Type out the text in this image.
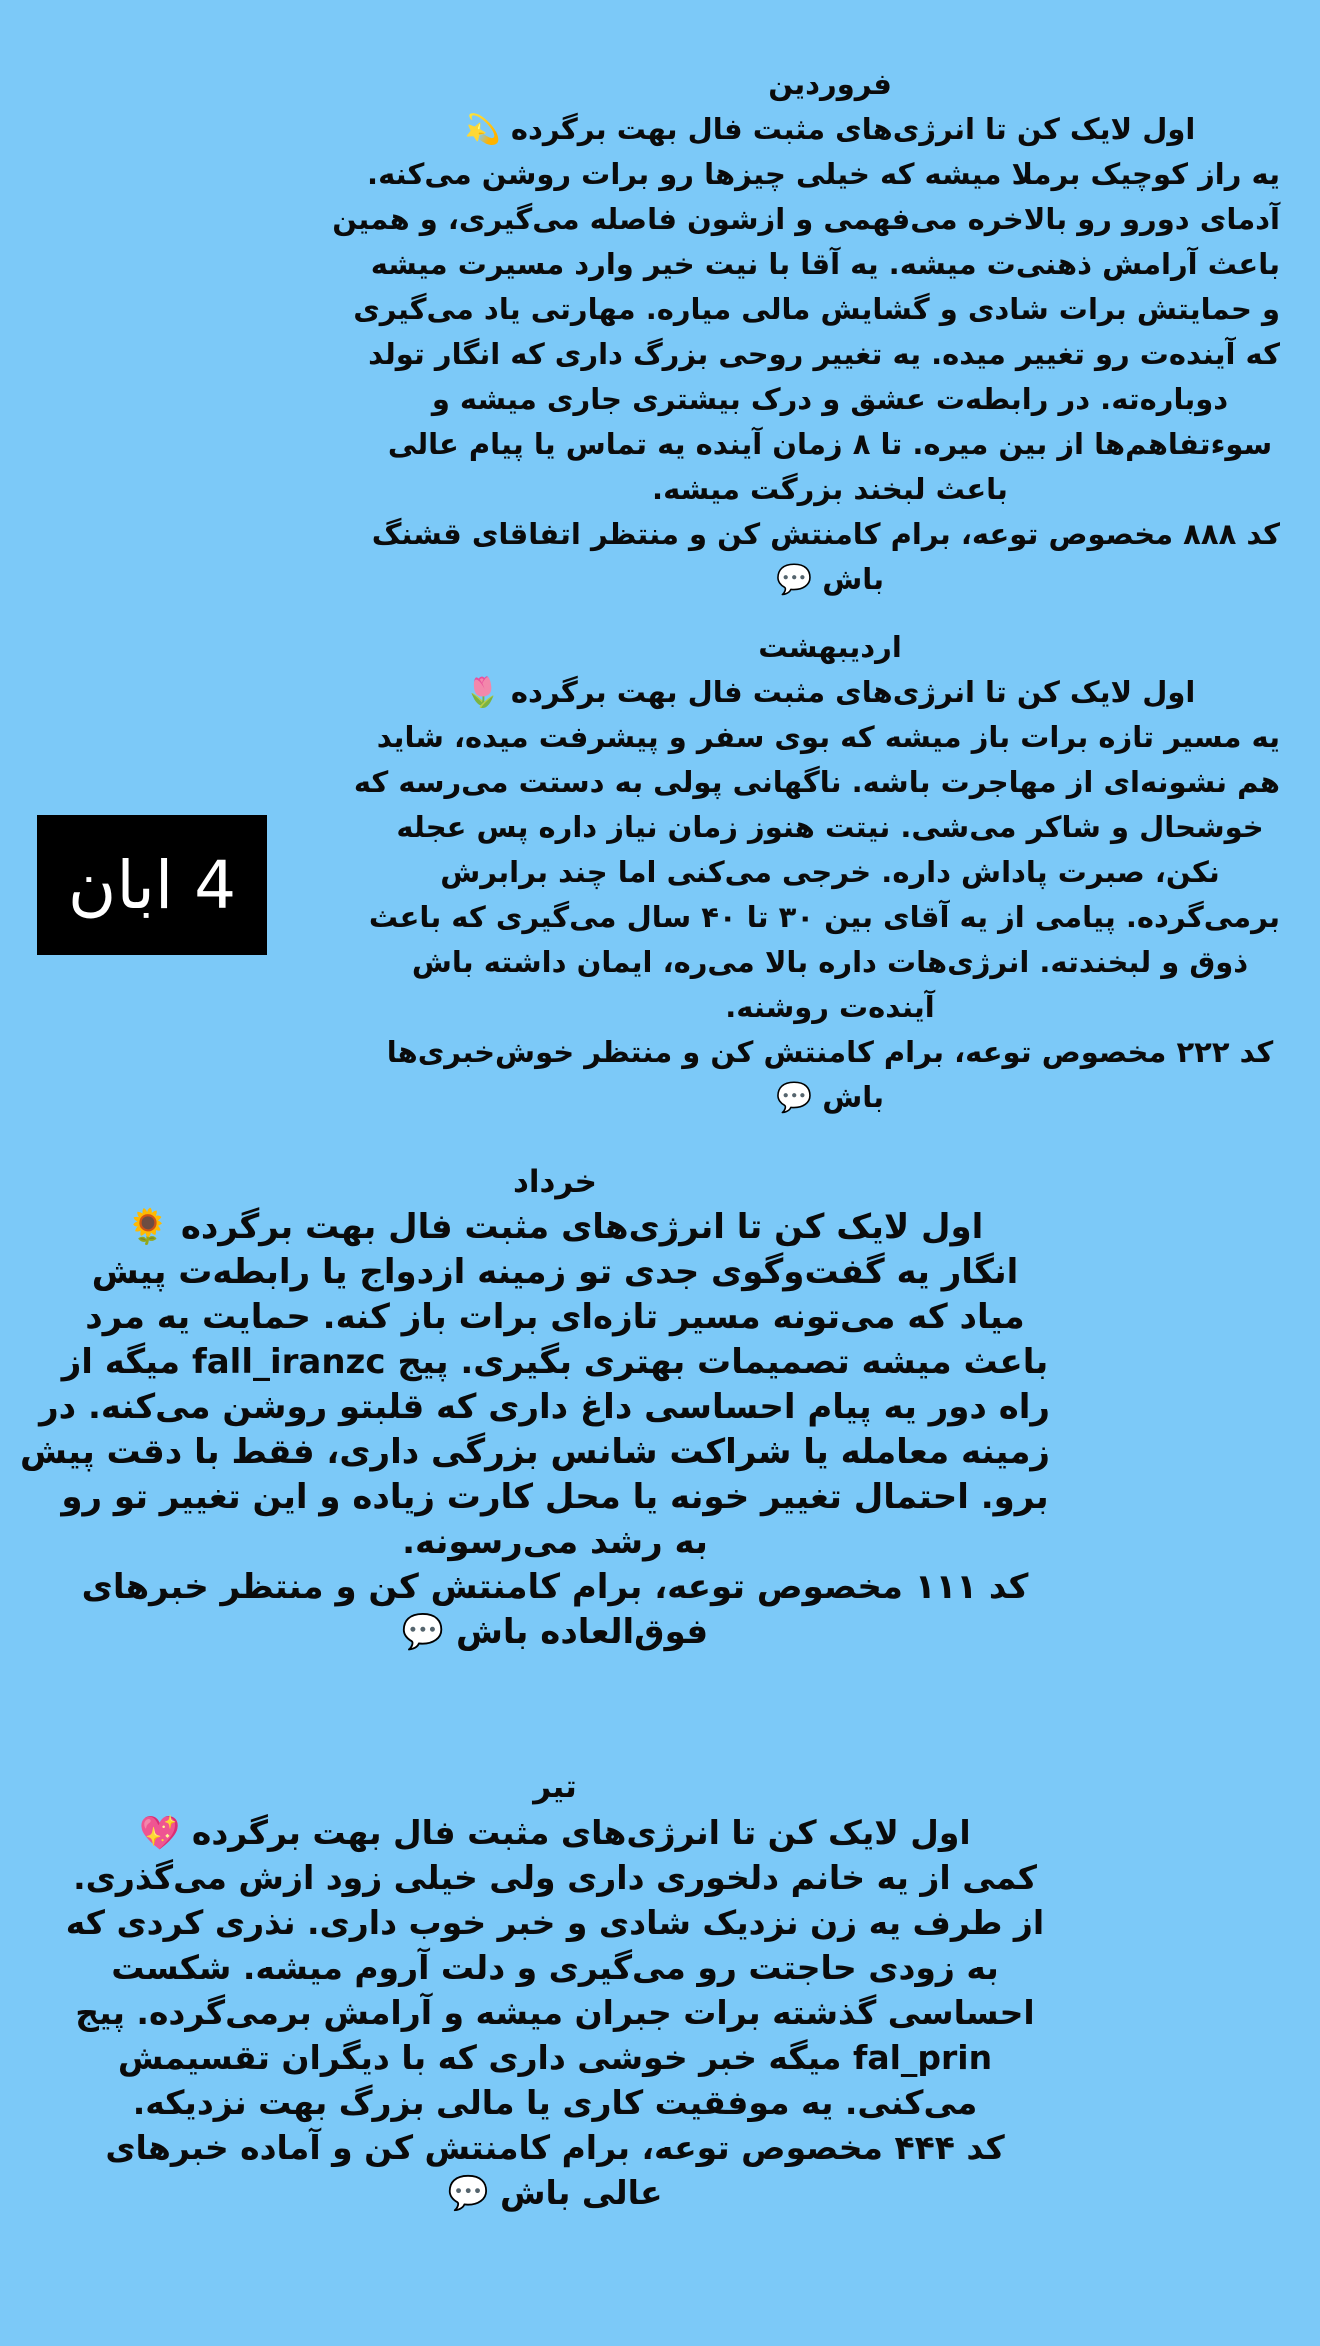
4 ابان
فروردین
اول لایک کن تا انرژی‌های مثبت فال بهت برگرده 💫
یه راز کوچیک برملا میشه که خیلی چیزها رو برات روشن می‌کنه.
آدمای دورو رو بالاخره می‌فهمی و ازشون فاصله می‌گیری، و همین
باعث آرامش ذهنی‌ت میشه. یه آقا با نیت خیر وارد مسیرت میشه
و حمایتش برات شادی و گشایش مالی میاره. مهارتی یاد می‌گیری
که آینده‌ت رو تغییر میده. یه تغییر روحی بزرگ داری که انگار تولد
دوباره‌ته. در رابطه‌ت عشق و درک بیشتری جاری میشه و
سوءتفاهم‌ها از بین میره. تا ۸ زمان آینده یه تماس یا پیام عالی
باعث لبخند بزرگت میشه.
کد ۸۸۸ مخصوص توعه، برام کامنتش کن و منتظر اتفاقای قشنگ
باش 💬
اردیبهشت
اول لایک کن تا انرژی‌های مثبت فال بهت برگرده 🌷
یه مسیر تازه برات باز میشه که بوی سفر و پیشرفت میده، شاید
هم نشونه‌ای از مهاجرت باشه. ناگهانی پولی به دستت می‌رسه که
خوشحال و شاکر می‌شی. نیتت هنوز زمان نیاز داره پس عجله
نکن، صبرت پاداش داره. خرجی می‌کنی اما چند برابرش
برمی‌گرده. پیامی از یه آقای بین ۳۰ تا ۴۰ سال می‌گیری که باعث
ذوق و لبخندته. انرژی‌هات داره بالا می‌ره، ایمان داشته باش
آینده‌ت روشنه.
کد ۲۲۲ مخصوص توعه، برام کامنتش کن و منتظر خوش‌خبری‌ها
باش 💬
خرداد
اول لایک کن تا انرژی‌های مثبت فال بهت برگرده 🌻
انگار یه گفت‌وگوی جدی تو زمینه ازدواج یا رابطه‌ت پیش
میاد که می‌تونه مسیر تازه‌ای برات باز کنه. حمایت یه مرد
باعث میشه تصمیمات بهتری بگیری. پیج fall_iranzc میگه از
راه دور یه پیام احساسی داغ داری که قلبتو روشن می‌کنه. در
زمینه معامله یا شراکت شانس بزرگی داری، فقط با دقت پیش
برو. احتمال تغییر خونه یا محل کارت زیاده و این تغییر تو رو
به رشد می‌رسونه.
کد ۱۱۱ مخصوص توعه، برام کامنتش کن و منتظر خبرهای
فوق‌العاده باش 💬
تیر
اول لایک کن تا انرژی‌های مثبت فال بهت برگرده 💖
کمی از یه خانم دلخوری داری ولی خیلی زود ازش می‌گذری.
از طرف یه زن نزدیک شادی و خبر خوب داری. نذری کردی که
به زودی حاجتت رو می‌گیری و دلت آروم میشه. شکست
احساسی گذشته برات جبران میشه و آرامش برمی‌گرده. پیج
fal_prin میگه خبر خوشی داری که با دیگران تقسیمش
می‌کنی. یه موفقیت کاری یا مالی بزرگ بهت نزدیکه.
کد ۴۴۴ مخصوص توعه، برام کامنتش کن و آماده خبرهای
عالی باش 💬
